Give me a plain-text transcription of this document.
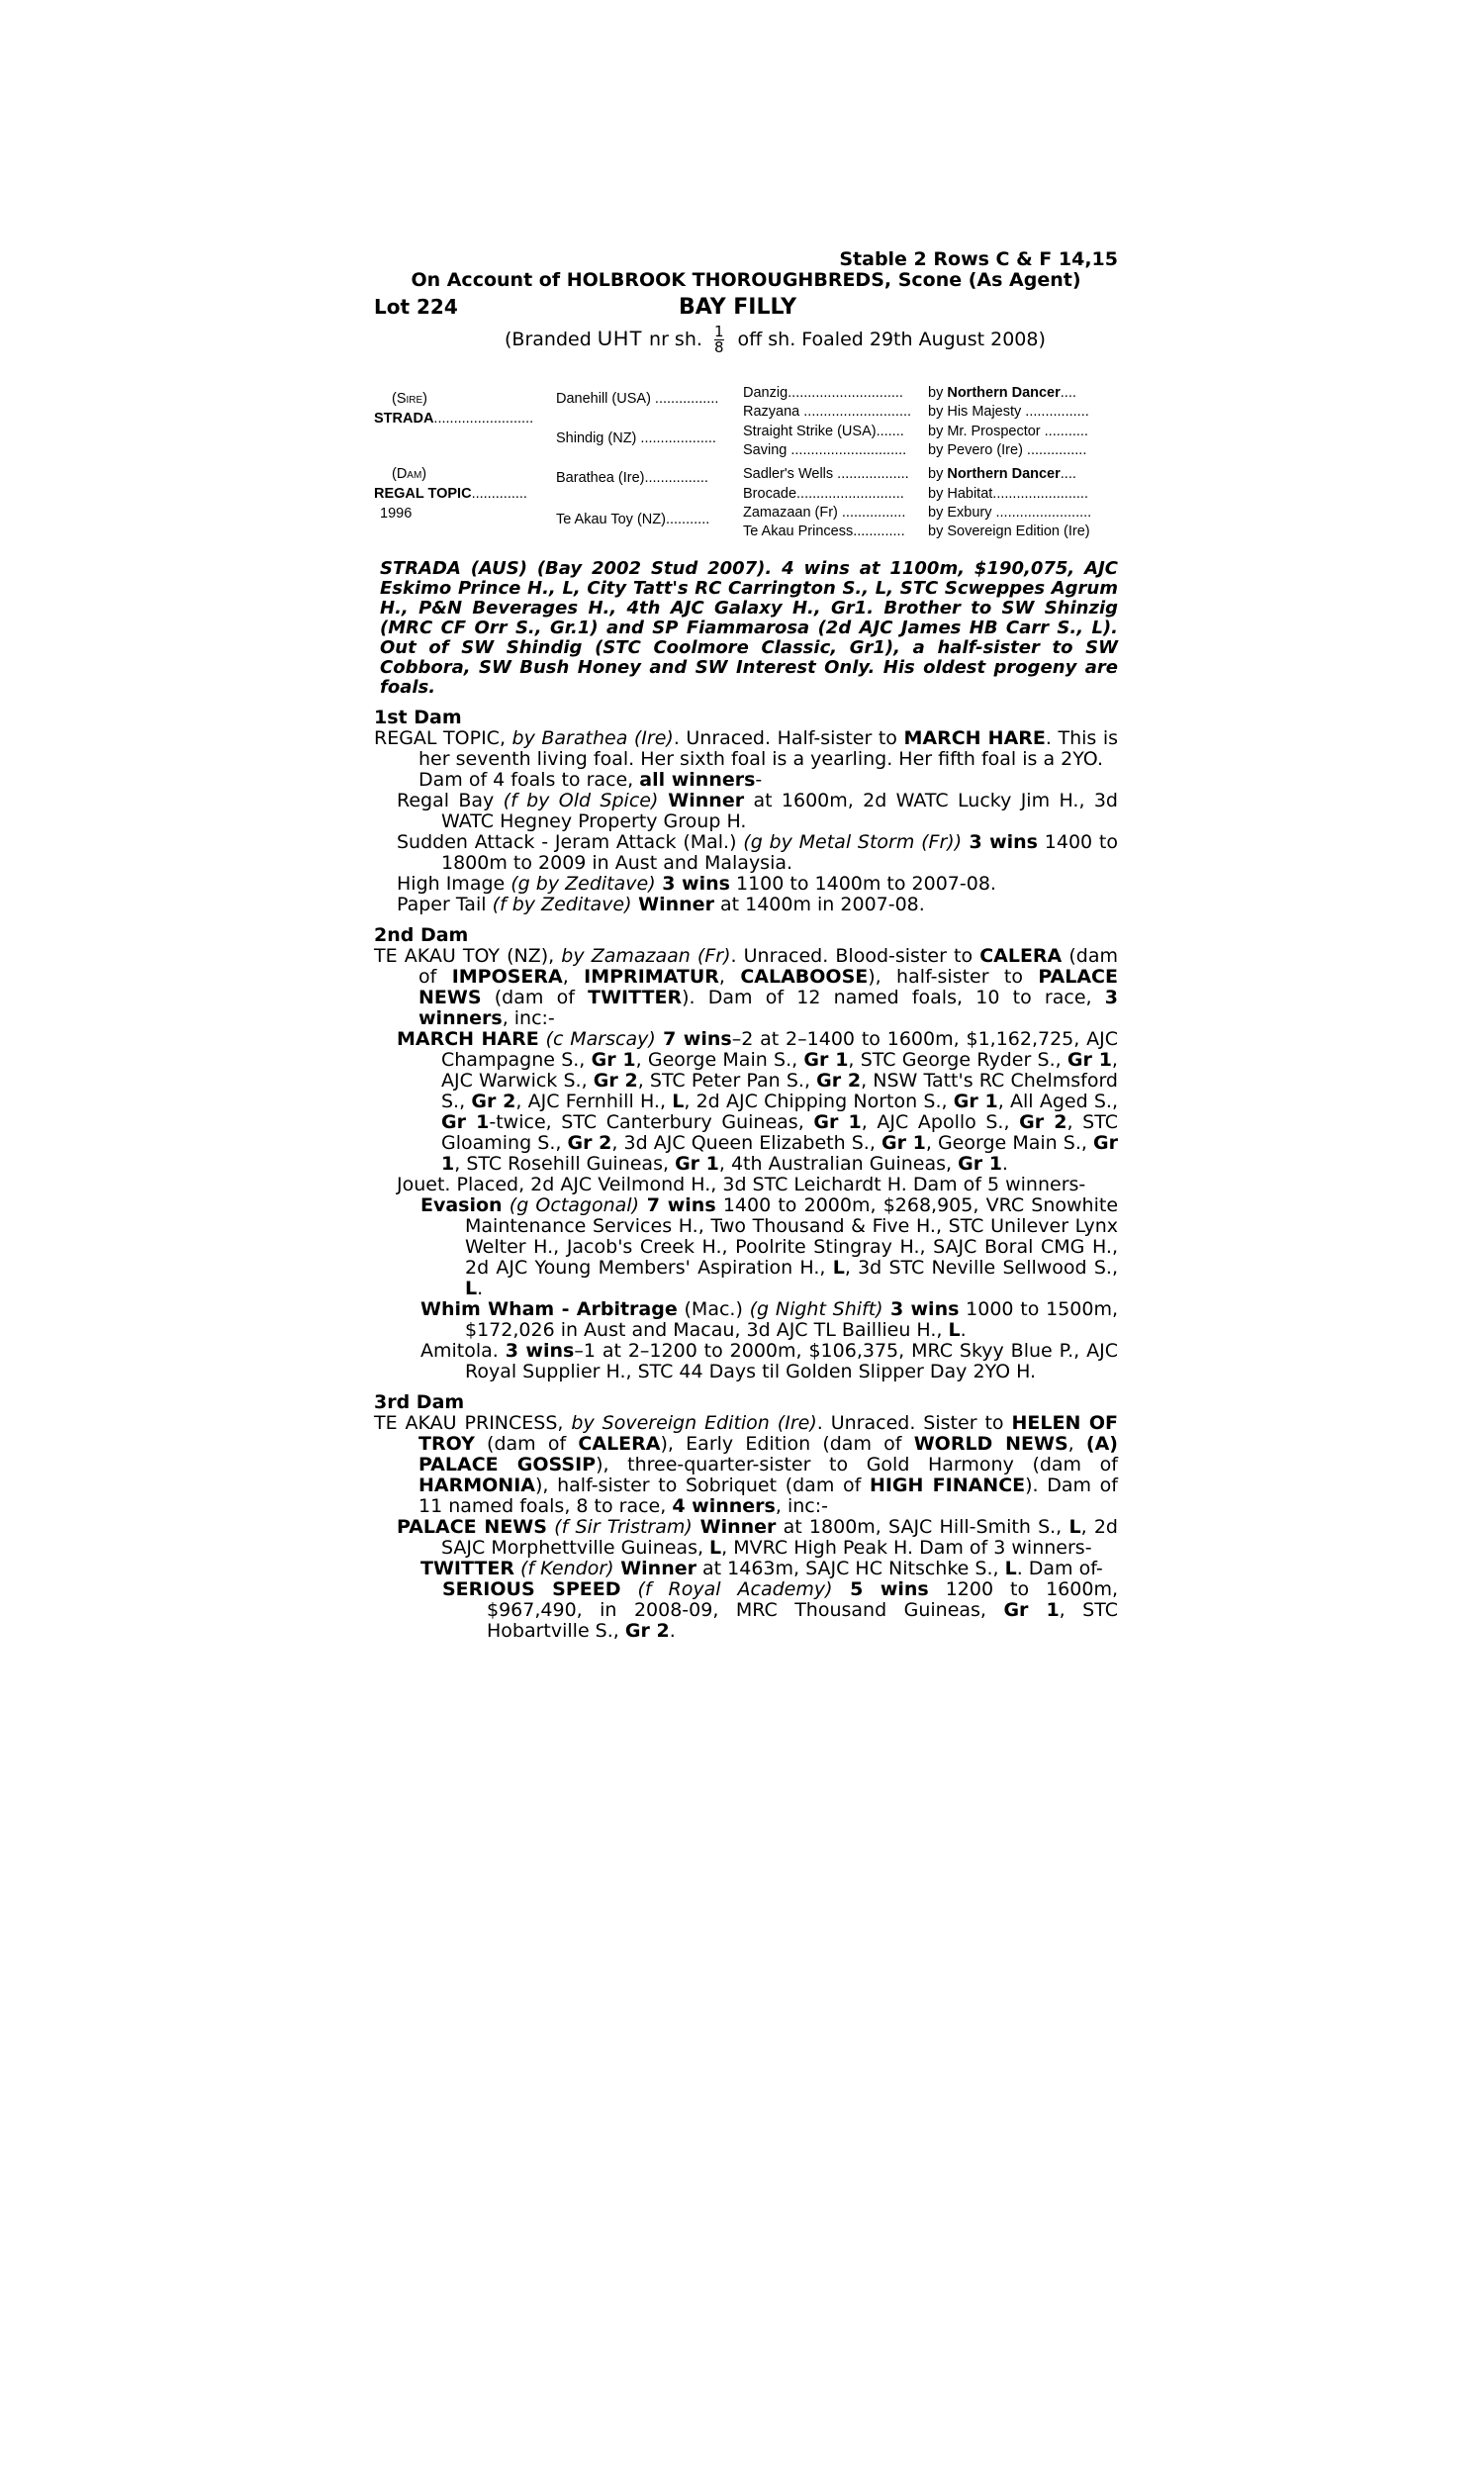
Stable 2 Rows C & F 14,15
On Account of HOLBROOK THOROUGHBREDS, Scone (As Agent)
Lot 224	BAY FILLY
(Branded UHT nr sh. $\frac{1}{8}$ off sh. Foaled 29th August 2008)
(Sire)
STRADA.........................
(Dam)
REGAL TOPIC..............
1996
Danehill (USA) ................
Shindig (NZ) ...................
Barathea (Ire)................
Te Akau Toy (NZ)...........
Danzig.............................
Razyana ...........................
Straight Strike (USA).......
Saving .............................
Sadler's Wells ..................
Brocade...........................
Zamazaan (Fr) ................
Te Akau Princess.............
by Northern Dancer....
by His Majesty ................
by Mr. Prospector ...........
by Pevero (Ire) ...............
by Northern Dancer....
by Habitat........................
by Exbury ........................
by Sovereign Edition (Ire)
STRADA (AUS) (Bay 2002 Stud 2007). 4 wins at 1100m, $190,075, AJC Eskimo Prince H., L, City Tatt's RC Carrington S., L, STC Scweppes Agrum H., P&N Beverages H., 4th AJC Galaxy H., Gr1. Brother to SW Shinzig (MRC CF Orr S., Gr.1) and SP Fiammarosa (2d AJC James HB Carr S., L). Out of SW Shindig (STC Coolmore Classic, Gr1), a half-sister to SW Cobbora, SW Bush Honey and SW Interest Only. His oldest progeny are foals.
1st Dam
REGAL TOPIC, by Barathea (Ire). Unraced. Half-sister to MARCH HARE. This is her seventh living foal. Her sixth foal is a yearling. Her fifth foal is a 2YO.
Dam of 4 foals to race, all winners-
Regal Bay (f by Old Spice) Winner at 1600m, 2d WATC Lucky Jim H., 3d WATC Hegney Property Group H.
Sudden Attack - Jeram Attack (Mal.) (g by Metal Storm (Fr)) 3 wins 1400 to 1800m to 2009 in Aust and Malaysia.
High Image (g by Zeditave) 3 wins 1100 to 1400m to 2007-08.
Paper Tail (f by Zeditave) Winner at 1400m in 2007-08.
2nd Dam
TE AKAU TOY (NZ), by Zamazaan (Fr). Unraced. Blood-sister to CALERA (dam of IMPOSERA, IMPRIMATUR, CALABOOSE), half-sister to PALACE NEWS (dam of TWITTER). Dam of 12 named foals, 10 to race, 3 winners, inc:-
MARCH HARE (c Marscay) 7 wins–2 at 2–1400 to 1600m, $1,162,725, AJC Champagne S., Gr 1, George Main S., Gr 1, STC George Ryder S., Gr 1, AJC Warwick S., Gr 2, STC Peter Pan S., Gr 2, NSW Tatt's RC Chelmsford S., Gr 2, AJC Fernhill H., L, 2d AJC Chipping Norton S., Gr 1, All Aged S., Gr 1-twice, STC Canterbury Guineas, Gr 1, AJC Apollo S., Gr 2, STC Gloaming S., Gr 2, 3d AJC Queen Elizabeth S., Gr 1, George Main S., Gr 1, STC Rosehill Guineas, Gr 1, 4th Australian Guineas, Gr 1.
Jouet. Placed, 2d AJC Veilmond H., 3d STC Leichardt H. Dam of 5 winners-
Evasion (g Octagonal) 7 wins 1400 to 2000m, $268,905, VRC Snowhite Maintenance Services H., Two Thousand & Five H., STC Unilever Lynx Welter H., Jacob's Creek H., Poolrite Stingray H., SAJC Boral CMG H., 2d AJC Young Members' Aspiration H., L, 3d STC Neville Sellwood S., L.
Whim Wham - Arbitrage (Mac.) (g Night Shift) 3 wins 1000 to 1500m, $172,026 in Aust and Macau, 3d AJC TL Baillieu H., L.
Amitola. 3 wins–1 at 2–1200 to 2000m, $106,375, MRC Skyy Blue P., AJC Royal Supplier H., STC 44 Days til Golden Slipper Day 2YO H.
3rd Dam
TE AKAU PRINCESS, by Sovereign Edition (Ire). Unraced. Sister to HELEN OF TROY (dam of CALERA), Early Edition (dam of WORLD NEWS, (A) PALACE GOSSIP), three-quarter-sister to Gold Harmony (dam of HARMONIA), half-sister to Sobriquet (dam of HIGH FINANCE). Dam of 11 named foals, 8 to race, 4 winners, inc:-
PALACE NEWS (f Sir Tristram) Winner at 1800m, SAJC Hill-Smith S., L, 2d SAJC Morphettville Guineas, L, MVRC High Peak H. Dam of 3 winners-
TWITTER (f Kendor) Winner at 1463m, SAJC HC Nitschke S., L. Dam of-
SERIOUS SPEED (f Royal Academy) 5 wins 1200 to 1600m, $967,490, in 2008-09, MRC Thousand Guineas, Gr 1, STC Hobartville S., Gr 2.
